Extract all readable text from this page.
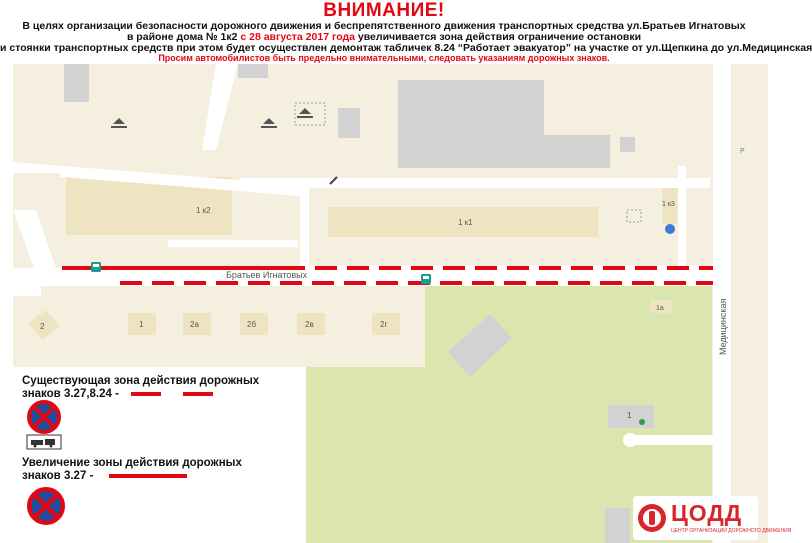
ВНИМАНИЕ!
В целях организации безопасности дорожного движения и беспрепятственного движения транспортных средства ул.Братьев Игнатовых
в районе дома № 1к2 с 28 августа 2017 года увеличивается зона действия ограничение остановки
и стоянки транспортных средств при этом будет осуществлен демонтаж табличек 8.24 “Работает эвакуатор” на участке от ул.Щепкина до ул.Медицинская
Просим автомобилистов быть предельно внимательными, следовать указаниям дорожных знаков.
1 к2
1 к1
1 к3
2	1	2а	2б	2в	2г
1а
1
Р
Братьев Игнатовых
Медицинская
Существующая зона действия дорожных
знаков 3.27,8.24 -
Увеличение зоны действия дорожных
знаков 3.27 -
ЦОДД
ЦЕНТР ОРГАНИЗАЦИИ ДОРОЖНОГО ДВИЖЕНИЯ
